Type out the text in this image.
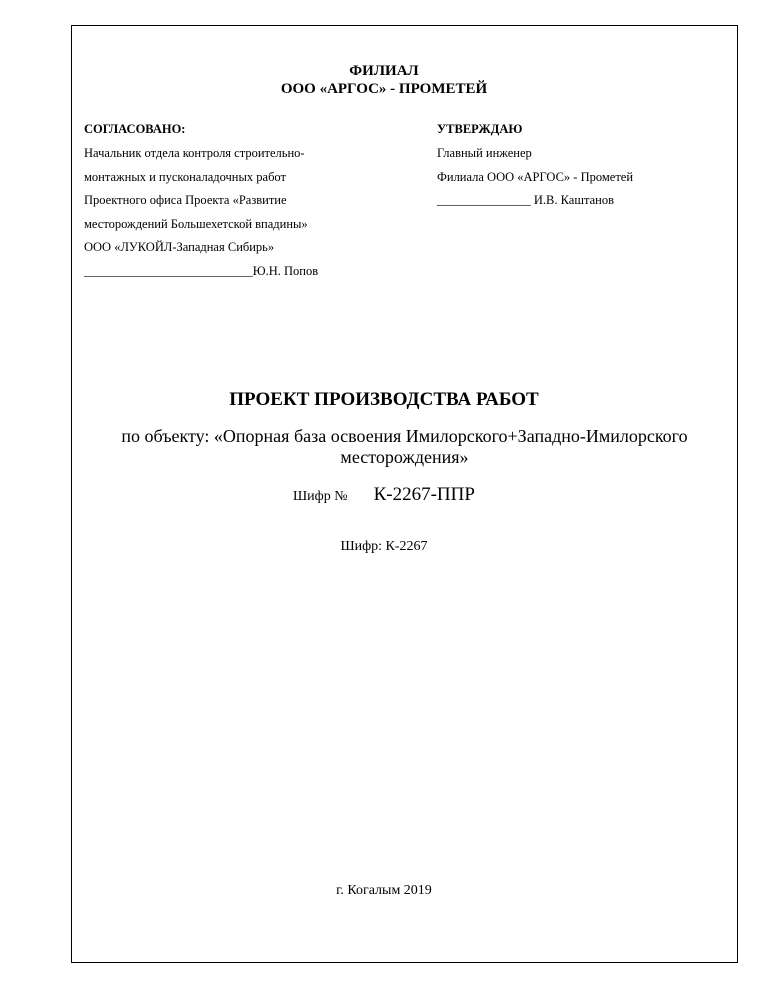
ФИЛИАЛ
ООО «АРГОС» - ПРОМЕТЕЙ
СОГЛАСОВАНО:
Начальник отдела контроля строительно-
монтажных и пусконаладочных работ
Проектного офиса Проекта «Развитие
месторождений Большехетской впадины»
ООО «ЛУКОЙЛ-Западная Сибирь»
___________________________Ю.Н. Попов
УТВЕРЖДАЮ
Главный инженер
Филиала ООО «АРГОС» - Прометей
_______________ И.В. Каштанов
ПРОЕКТ ПРОИЗВОДСТВА РАБОТ
по объекту: «Опорная база освоения Имилорского+Западно-Имилорского
месторождения»
Шифр № К-2267-ППР
Шифр: К-2267
г. Когалым 2019
